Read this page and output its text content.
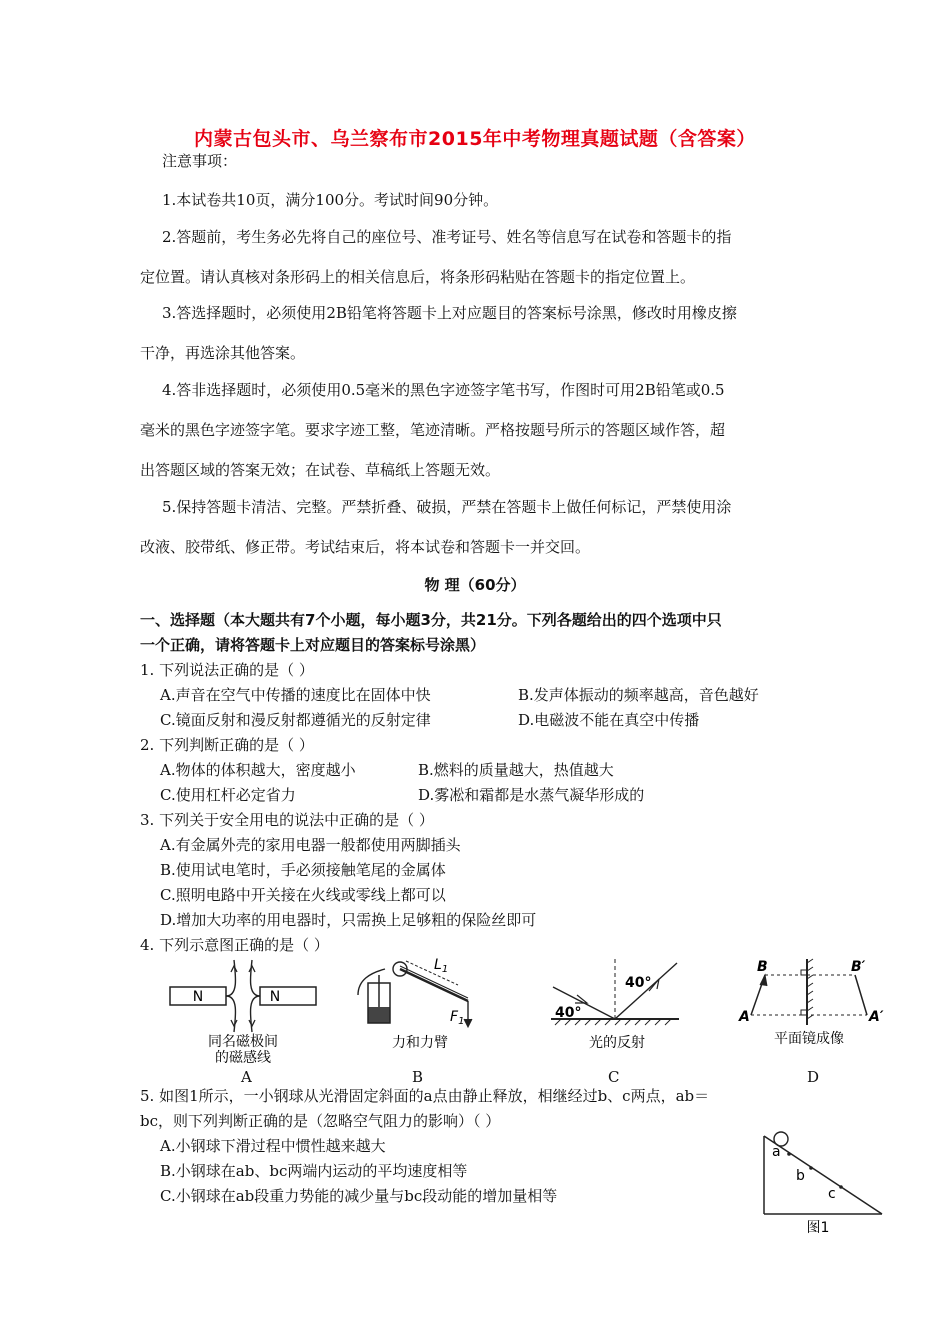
内蒙古包头市、乌兰察布市2015年中考物理真题试题（含答案）
注意事项：
1.本试卷共10页，满分100分。考试时间90分钟。
2.答题前，考生务必先将自己的座位号、准考证号、姓名等信息写在试卷和答题卡的指
定位置。请认真核对条形码上的相关信息后，将条形码粘贴在答题卡的指定位置上。
3.答选择题时，必须使用2B铅笔将答题卡上对应题目的答案标号涂黑，修改时用橡皮擦
干净，再选涂其他答案。
4.答非选择题时，必须使用0.5毫米的黑色字迹签字笔书写，作图时可用2B铅笔或0.5
毫米的黑色字迹签字笔。要求字迹工整，笔迹清晰。严格按题号所示的答题区域作答，超
出答题区域的答案无效；在试卷、草稿纸上答题无效。
5.保持答题卡清洁、完整。严禁折叠、破损，严禁在答题卡上做任何标记，严禁使用涂
改液、胶带纸、修正带。考试结束后，将本试卷和答题卡一并交回。
物 理（60分）
一、选择题（本大题共有7个小题，每小题3分，共21分。下列各题给出的四个选项中只
一个正确，请将答题卡上对应题目的答案标号涂黑）
1. 下列说法正确的是（ ）
A.声音在空气中传播的速度比在固体中快	B.发声体振动的频率越高，音色越好
C.镜面反射和漫反射都遵循光的反射定律	D.电磁波不能在真空中传播
2. 下列判断正确的是（ ）
A.物体的体积越大，密度越小	B.燃料的质量越大，热值越大
C.使用杠杆必定省力	D.雾凇和霜都是水蒸气凝华形成的
3. 下列关于安全用电的说法中正确的是（ ）
A.有金属外壳的家用电器一般都使用两脚插头
B.使用试电笔时，手必须接触笔尾的金属体
C.照明电路中开关接在火线或零线上都可以
D.增加大功率的用电器时，只需换上足够粗的保险丝即可
4. 下列示意图正确的是（ ）
N	N
同名磁极间
的磁感线
A
$L_1$
$F_1$
力和力臂
B
40°
40°
光的反射
C
B	B′
A	A′
平面镜成像
D
5. 如图1所示，一小钢球从光滑固定斜面的a点由静止释放，相继经过b、c两点，ab＝
bc，则下列判断正确的是（忽略空气阻力的影响）（ ）
A.小钢球下滑过程中惯性越来越大
B.小钢球在ab、bc两端内运动的平均速度相等
C.小钢球在ab段重力势能的减少量与bc段动能的增加量相等
a
b
c
图1
